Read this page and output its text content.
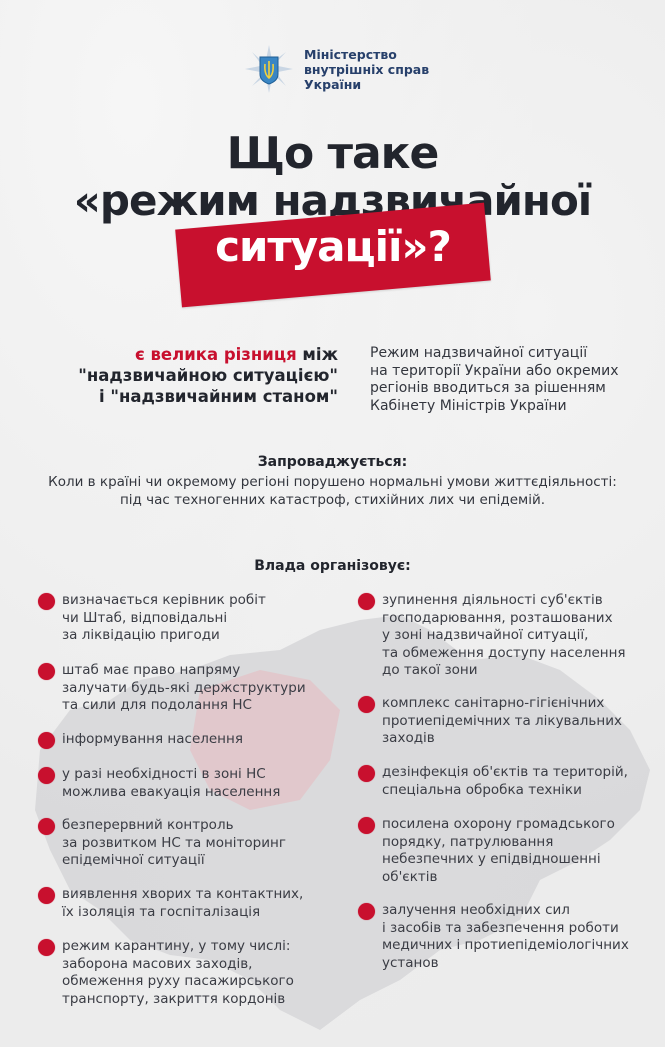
Міністерство
внутрішніх справ
України
Що таке
«режим надзвичайної
ситуації»?
є велика різниця між
"надзвичайною ситуацією"
і "надзвичайним станом"
Режим надзвичайної ситуації
на території України або окремих
регіонів вводиться за рішенням
Кабінету Міністрів України
Запроваджується:
Коли в країні чи окремому регіоні порушено нормальні умови життєдіяльності:
під час техногенних катастроф, стихійних лих чи епідемій.
Влада організовує:
визначається керівник робіт
чи Штаб, відповідальні
за ліквідацію пригоди
штаб має право напряму
залучати будь-які держструктури
та сили для подолання НС
інформування населення
у разі необхідності в зоні НС
можлива евакуація населення
безперервний контроль
за розвитком НС та моніторинг
епідемічної ситуації
виявлення хворих та контактних,
їх ізоляція та госпіталізація
режим карантину, у тому числі:
заборона масових заходів,
обмеження руху пасажирського
транспорту, закриття кордонів
зупинення діяльності суб'єктів
господарювання, розташованих
у зоні надзвичайної ситуації,
та обмеження доступу населення
до такої зони
комплекс санітарно-гігієнічних
протиепідемічних та лікувальних
заходів
дезінфекція об'єктів та територій,
спеціальна обробка техніки
посилена охорону громадського
порядку, патрулювання
небезпечних у епідвідношенні
об'єктів
залучення необхідних сил
і засобів та забезпечення роботи
медичних і протиепідеміологічних
установ
